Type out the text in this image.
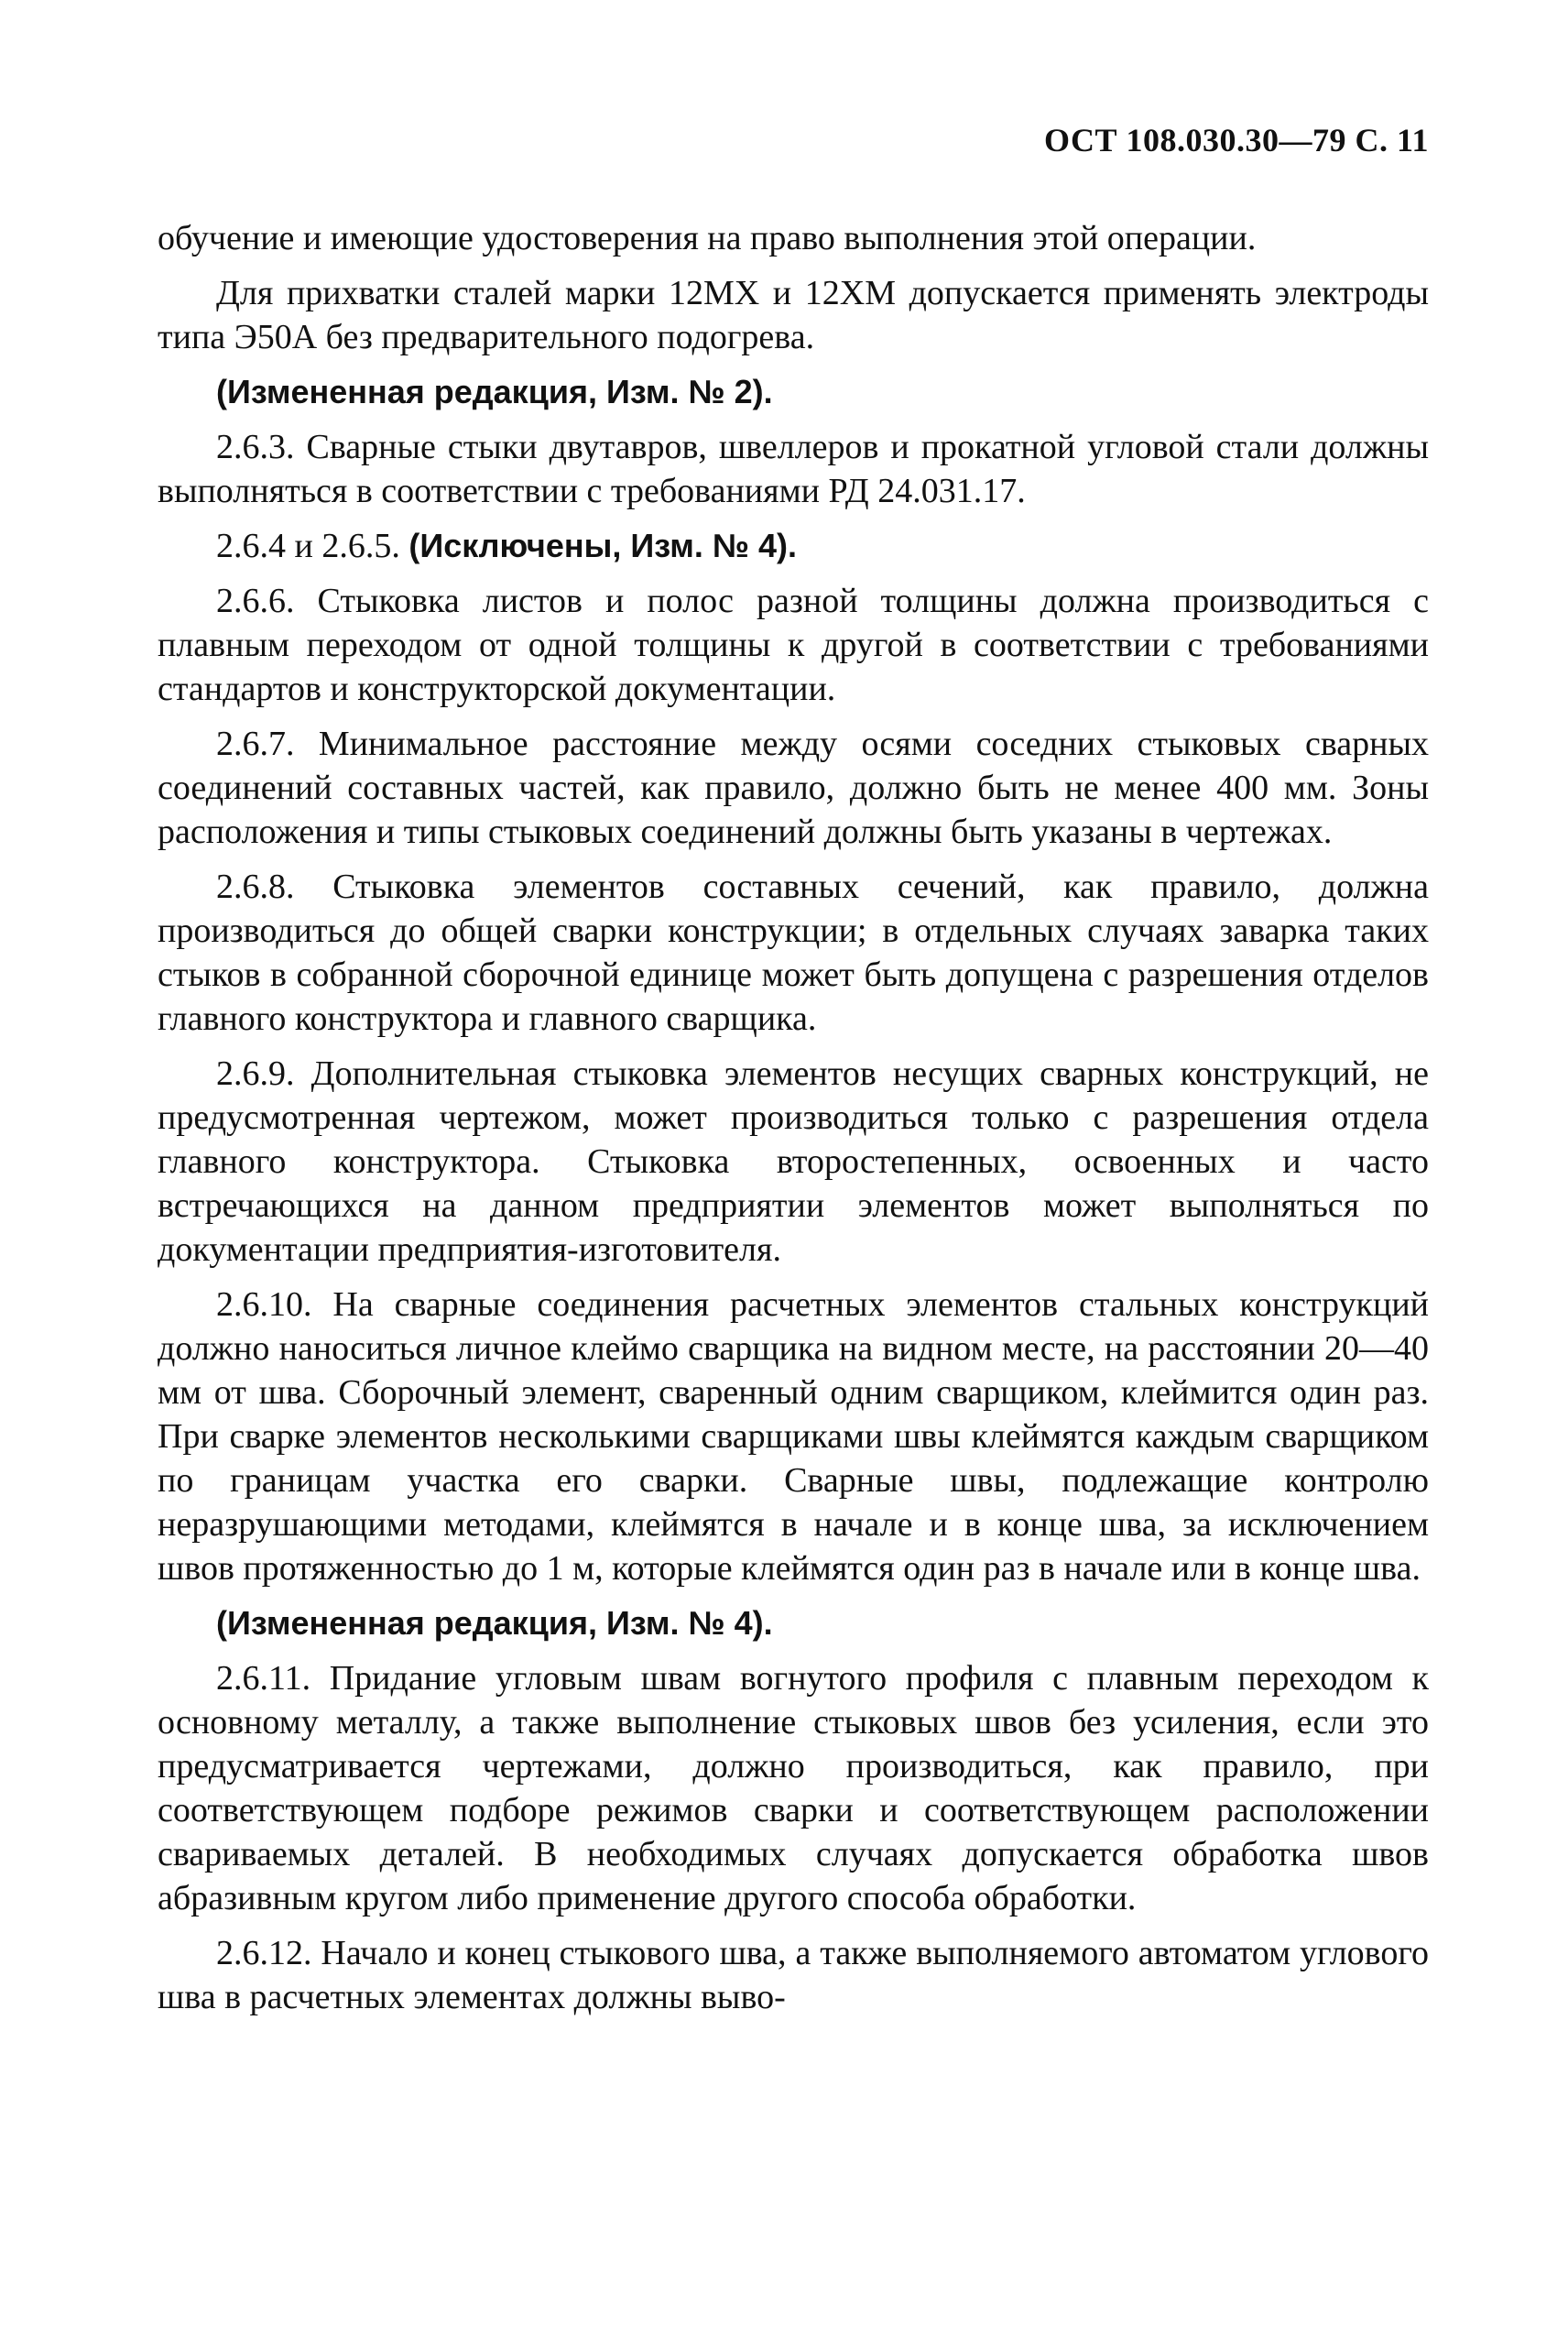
ОСТ 108.030.30—79 С. 11

обучение и имеющие удостоверения на право выполнения этой операции.

Для прихватки сталей марки 12МХ и 12ХМ допускается применять электроды типа Э50А без предварительного подогрева.

(Измененная редакция, Изм. № 2).

2.6.3. Сварные стыки двутавров, швеллеров и прокатной угловой стали должны выполняться в соответствии с требованиями РД 24.031.17.

2.6.4 и 2.6.5. (Исключены, Изм. № 4).

2.6.6. Стыковка листов и полос разной толщины должна производиться с плавным переходом от одной толщины к другой в соответствии с требованиями стандартов и конструкторской документации.

2.6.7. Минимальное расстояние между осями соседних стыковых сварных соединений составных частей, как правило, должно быть не менее 400 мм. Зоны расположения и типы стыковых соединений должны быть указаны в чертежах.

2.6.8. Стыковка элементов составных сечений, как правило, должна производиться до общей сварки конструкции; в отдельных случаях заварка таких стыков в собранной сборочной единице может быть допущена с разрешения отделов главного конструктора и главного сварщика.

2.6.9. Дополнительная стыковка элементов несущих сварных конструкций, не предусмотренная чертежом, может производиться только с разрешения отдела главного конструктора. Стыковка второстепенных, освоенных и часто встречающихся на данном предприятии элементов может выполняться по документации предприятия-изготовителя.

2.6.10. На сварные соединения расчетных элементов стальных конструкций должно наноситься личное клеймо сварщика на видном месте, на расстоянии 20—40 мм от шва. Сборочный элемент, сваренный одним сварщиком, клеймится один раз. При сварке элементов несколькими сварщиками швы клеймятся каждым сварщиком по границам участка его сварки. Сварные швы, подлежащие контролю неразрушающими методами, клеймятся в начале и в конце шва, за исключением швов протяженностью до 1 м, которые клеймятся один раз в начале или в конце шва.

(Измененная редакция, Изм. № 4).

2.6.11. Придание угловым швам вогнутого профиля с плавным переходом к основному металлу, а также выполнение стыковых швов без усиления, если это предусматривается чертежами, должно производиться, как правило, при соответствующем подборе режимов сварки и соответствующем расположении свариваемых деталей. В необходимых случаях допускается обработка швов абразивным кругом либо применение другого способа обработки.

2.6.12. Начало и конец стыкового шва, а также выполняемого автоматом углового шва в расчетных элементах должны выво-
